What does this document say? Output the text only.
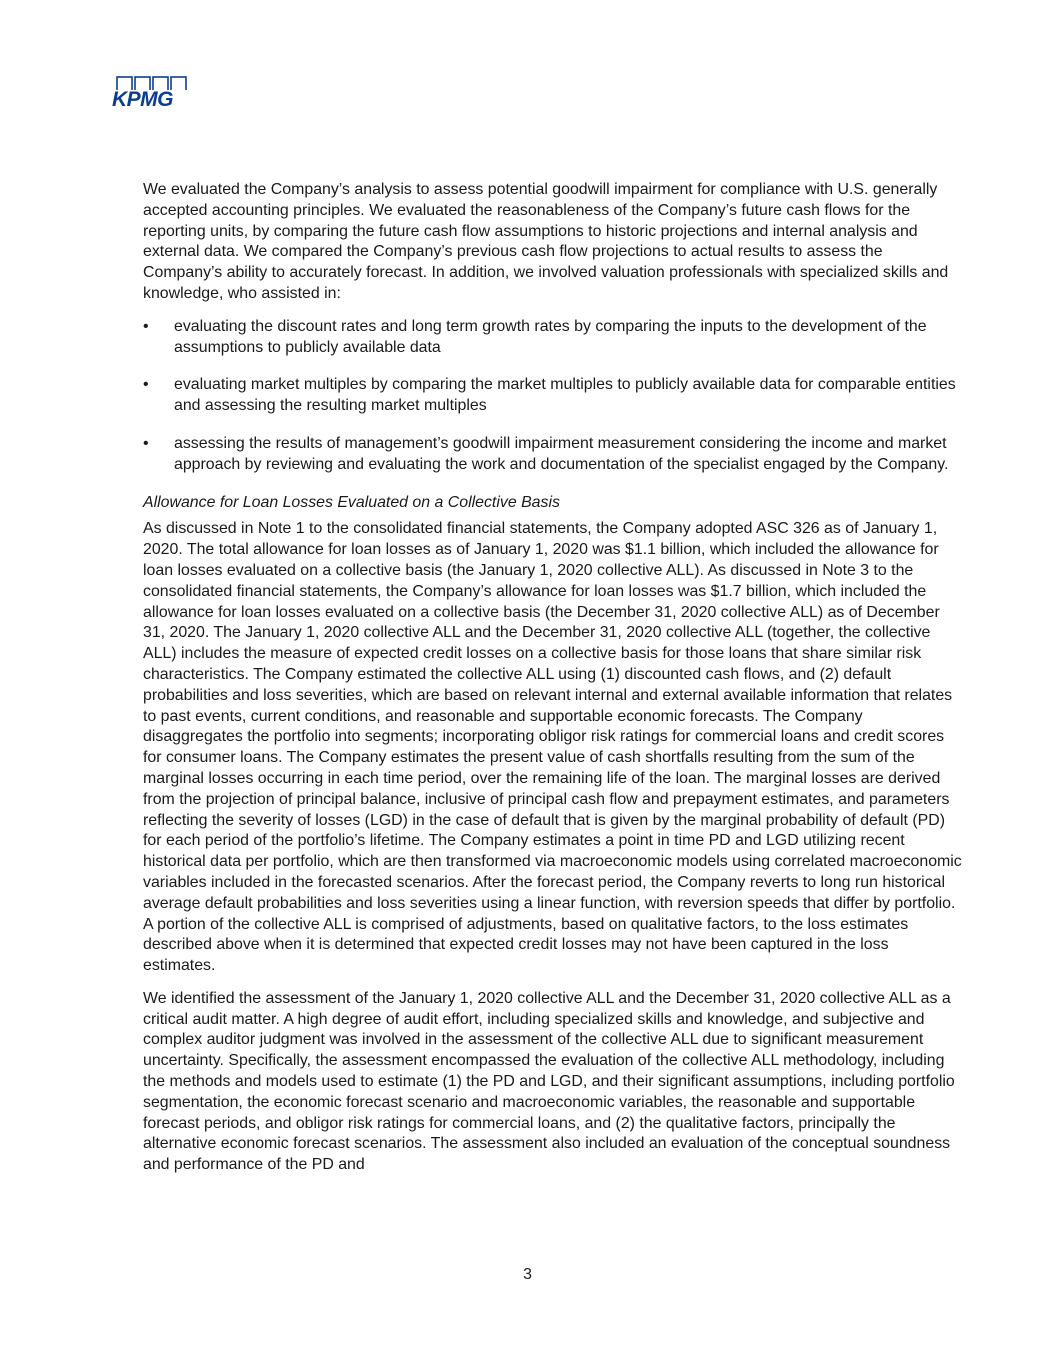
KPMG

We evaluated the Company’s analysis to assess potential goodwill impairment for compliance with U.S. generally accepted accounting principles. We evaluated the reasonableness of the Company’s future cash flows for the reporting units, by comparing the future cash flow assumptions to historic projections and internal analysis and external data. We compared the Company’s previous cash flow projections to actual results to assess the Company’s ability to accurately forecast. In addition, we involved valuation professionals with specialized skills and knowledge, who assisted in:

• evaluating the discount rates and long term growth rates by comparing the inputs to the development of the assumptions to publicly available data
• evaluating market multiples by comparing the market multiples to publicly available data for comparable entities and assessing the resulting market multiples
• assessing the results of management’s goodwill impairment measurement considering the income and market approach by reviewing and evaluating the work and documentation of the specialist engaged by the Company.

Allowance for Loan Losses Evaluated on a Collective Basis

As discussed in Note 1 to the consolidated financial statements, the Company adopted ASC 326 as of January 1, 2020. The total allowance for loan losses as of January 1, 2020 was $1.1 billion, which included the allowance for loan losses evaluated on a collective basis (the January 1, 2020 collective ALL). As discussed in Note 3 to the consolidated financial statements, the Company’s allowance for loan losses was $1.7 billion, which included the allowance for loan losses evaluated on a collective basis (the December 31, 2020 collective ALL) as of December 31, 2020. The January 1, 2020 collective ALL and the December 31, 2020 collective ALL (together, the collective ALL) includes the measure of expected credit losses on a collective basis for those loans that share similar risk characteristics. The Company estimated the collective ALL using (1) discounted cash flows, and (2) default probabilities and loss severities, which are based on relevant internal and external available information that relates to past events, current conditions, and reasonable and supportable economic forecasts. The Company disaggregates the portfolio into segments; incorporating obligor risk ratings for commercial loans and credit scores for consumer loans. The Company estimates the present value of cash shortfalls resulting from the sum of the marginal losses occurring in each time period, over the remaining life of the loan. The marginal losses are derived from the projection of principal balance, inclusive of principal cash flow and prepayment estimates, and parameters reflecting the severity of losses (LGD) in the case of default that is given by the marginal probability of default (PD) for each period of the portfolio’s lifetime. The Company estimates a point in time PD and LGD utilizing recent historical data per portfolio, which are then transformed via macroeconomic models using correlated macroeconomic variables included in the forecasted scenarios. After the forecast period, the Company reverts to long run historical average default probabilities and loss severities using a linear function, with reversion speeds that differ by portfolio. A portion of the collective ALL is comprised of adjustments, based on qualitative factors, to the loss estimates described above when it is determined that expected credit losses may not have been captured in the loss estimates.

We identified the assessment of the January 1, 2020 collective ALL and the December 31, 2020 collective ALL as a critical audit matter. A high degree of audit effort, including specialized skills and knowledge, and subjective and complex auditor judgment was involved in the assessment of the collective ALL due to significant measurement uncertainty. Specifically, the assessment encompassed the evaluation of the collective ALL methodology, including the methods and models used to estimate (1) the PD and LGD, and their significant assumptions, including portfolio segmentation, the economic forecast scenario and macroeconomic variables, the reasonable and supportable forecast periods, and obligor risk ratings for commercial loans, and (2) the qualitative factors, principally the alternative economic forecast scenarios. The assessment also included an evaluation of the conceptual soundness and performance of the PD and

3
